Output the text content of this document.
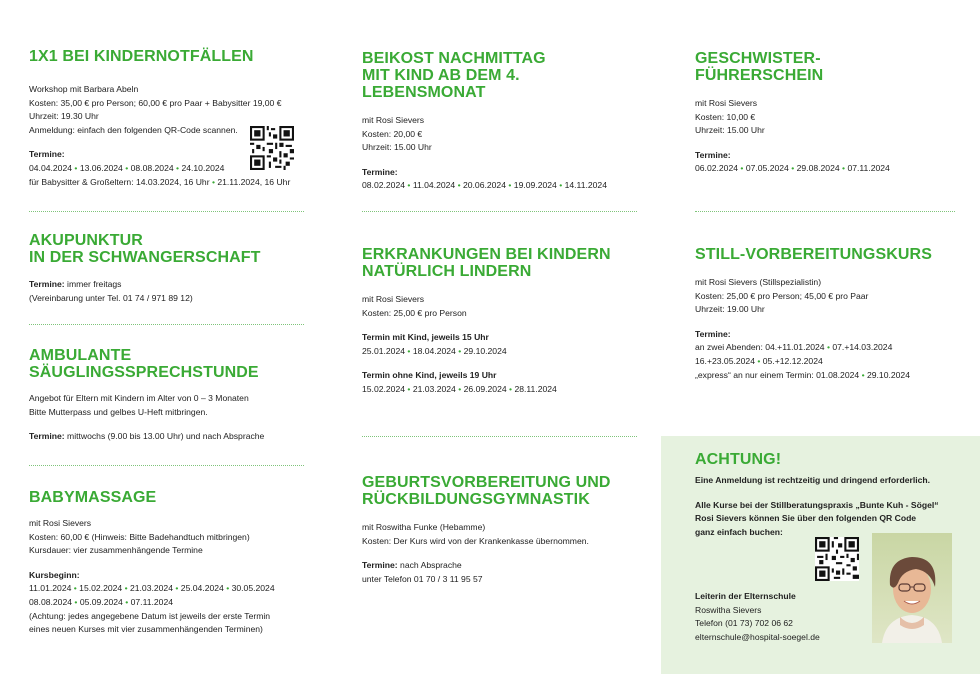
1X1 BEI KINDERNOTFÄLLEN
Workshop mit Barbara Abeln
Kosten: 35,00 € pro Person; 60,00 € pro Paar + Babysitter 19,00 €
Uhrzeit: 19.30 Uhr
Anmeldung: einfach den folgenden QR-Code scannen.
Termine:
04.04.2024 • 13.06.2024 • 08.08.2024 • 24.10.2024
für Babysitter & Großeltern: 14.03.2024, 16 Uhr • 21.11.2024, 16 Uhr
AKUPUNKTUR
IN DER SCHWANGERSCHAFT
Termine: immer freitags
(Vereinbarung unter Tel. 01 74 / 971 89 12)
AMBULANTE
SÄUGLINGSSPRECHSTUNDE
Angebot für Eltern mit Kindern im Alter von 0 – 3 Monaten
Bitte Mutterpass und gelbes U-Heft mitbringen.
Termine: mittwochs (9.00 bis 13.00 Uhr) und nach Absprache
BABYMASSAGE
mit Rosi Sievers
Kosten: 60,00 € (Hinweis: Bitte Badehandtuch mitbringen)
Kursdauer: vier zusammenhängende Termine
Kursbeginn:
11.01.2024 • 15.02.2024 • 21.03.2024 • 25.04.2024 • 30.05.2024
08.08.2024 • 05.09.2024 • 07.11.2024
(Achtung: jedes angegebene Datum ist jeweils der erste Termin
eines neuen Kurses mit vier zusammenhängenden Terminen)
BEIKOST NACHMITTAG
MIT KIND AB DEM 4. LEBENSMONAT
mit Rosi Sievers
Kosten: 20,00 €
Uhrzeit: 15.00 Uhr
Termine:
08.02.2024 • 11.04.2024 • 20.06.2024 • 19.09.2024 • 14.11.2024
ERKRANKUNGEN BEI KINDERN
NATÜRLICH LINDERN
mit Rosi Sievers
Kosten: 25,00 € pro Person
Termin mit Kind, jeweils 15 Uhr
25.01.2024 • 18.04.2024 • 29.10.2024
Termin ohne Kind, jeweils 19 Uhr
15.02.2024 • 21.03.2024 • 26.09.2024 • 28.11.2024
GEBURTSVORBEREITUNG UND
RÜCKBILDUNGSGYMNASTIK
mit Roswitha Funke (Hebamme)
Kosten: Der Kurs wird von der Krankenkasse übernommen.
Termine: nach Absprache
unter Telefon 01 70 / 3 11 95 57
GESCHWISTER-
FÜHRERSCHEIN
mit Rosi Sievers
Kosten: 10,00 €
Uhrzeit: 15.00 Uhr
Termine:
06.02.2024 • 07.05.2024 • 29.08.2024 • 07.11.2024
STILL-VORBEREITUNGSKURS
mit Rosi Sievers (Stillspezialistin)
Kosten: 25,00 € pro Person; 45,00 € pro Paar
Uhrzeit: 19.00 Uhr
Termine:
an zwei Abenden: 04.+11.01.2024 • 07.+14.03.2024
16.+23.05.2024 • 05.+12.12.2024
„express“ an nur einem Termin: 01.08.2024 • 29.10.2024
ACHTUNG!
Eine Anmeldung ist rechtzeitig und dringend erforderlich.
Alle Kurse bei der Stillberatungspraxis „Bunte Kuh - Sögel“
Rosi Sievers können Sie über den folgenden QR Code
ganz einfach buchen:
Leiterin der Elternschule
Roswitha Sievers
Telefon (01 73) 702 06 62
elternschule@hospital-soegel.de
